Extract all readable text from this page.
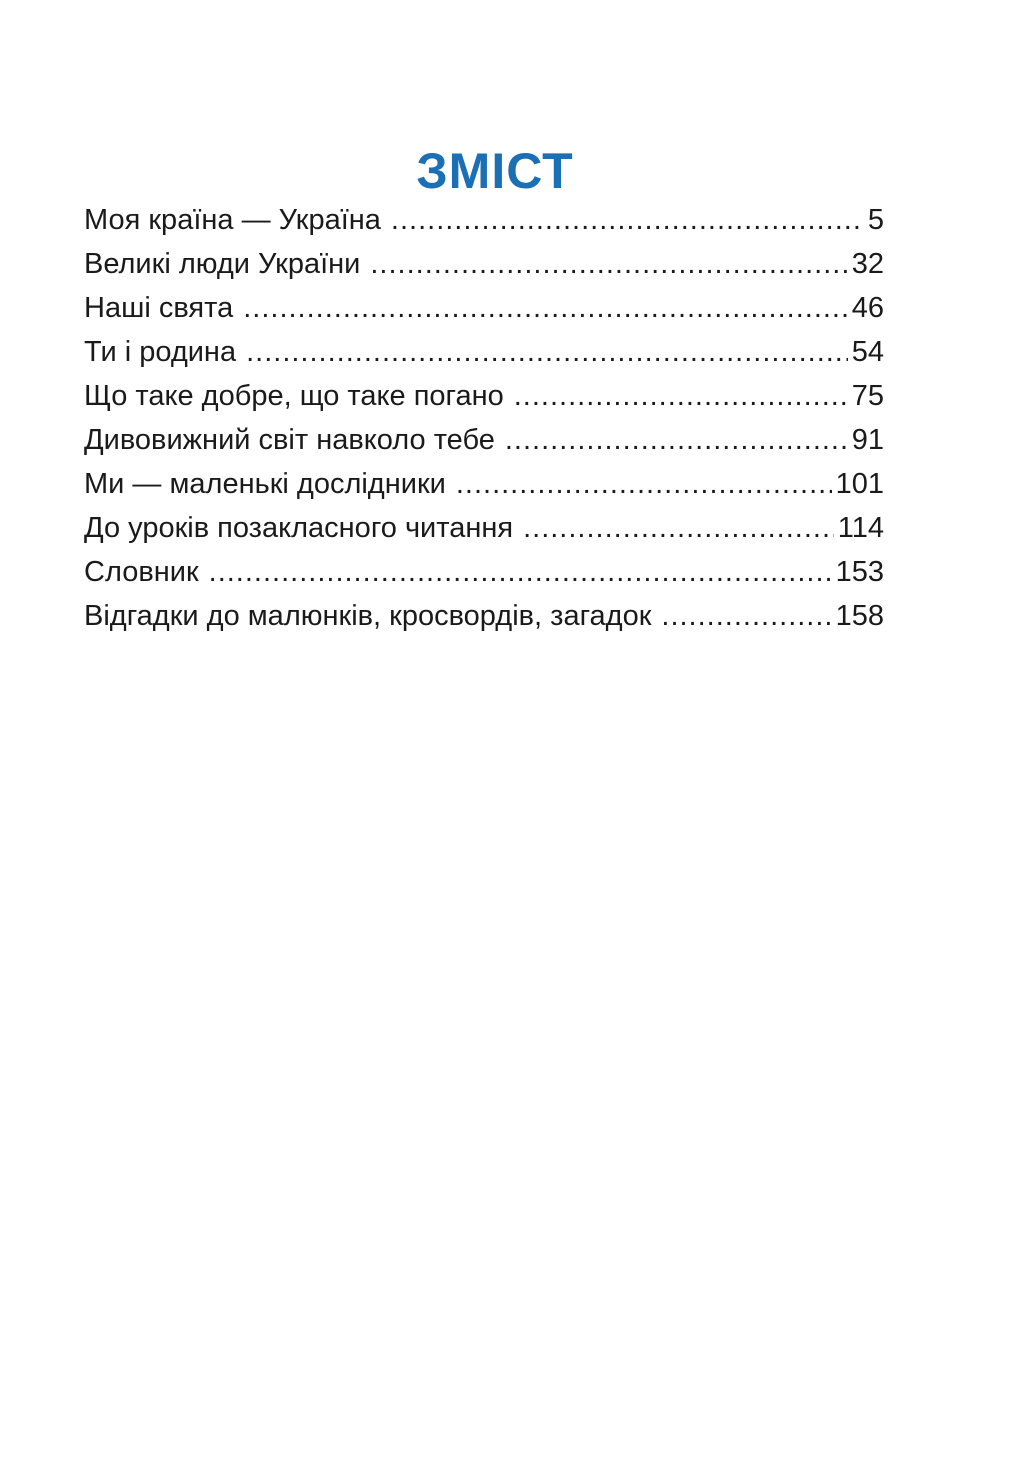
ЗМІСТ
Моя країна — Україна .....	5
Великі люди України .....	32
Наші свята .....	46
Ти і родина .....	54
Що таке добре, що таке погано .....	75
Дивовижний світ навколо тебе .....	91
Ми — маленькі дослідники .....	101
До уроків позакласного читання .....	114
Словник .....	153
Відгадки до малюнків, кросвордів, загадок .....	158
